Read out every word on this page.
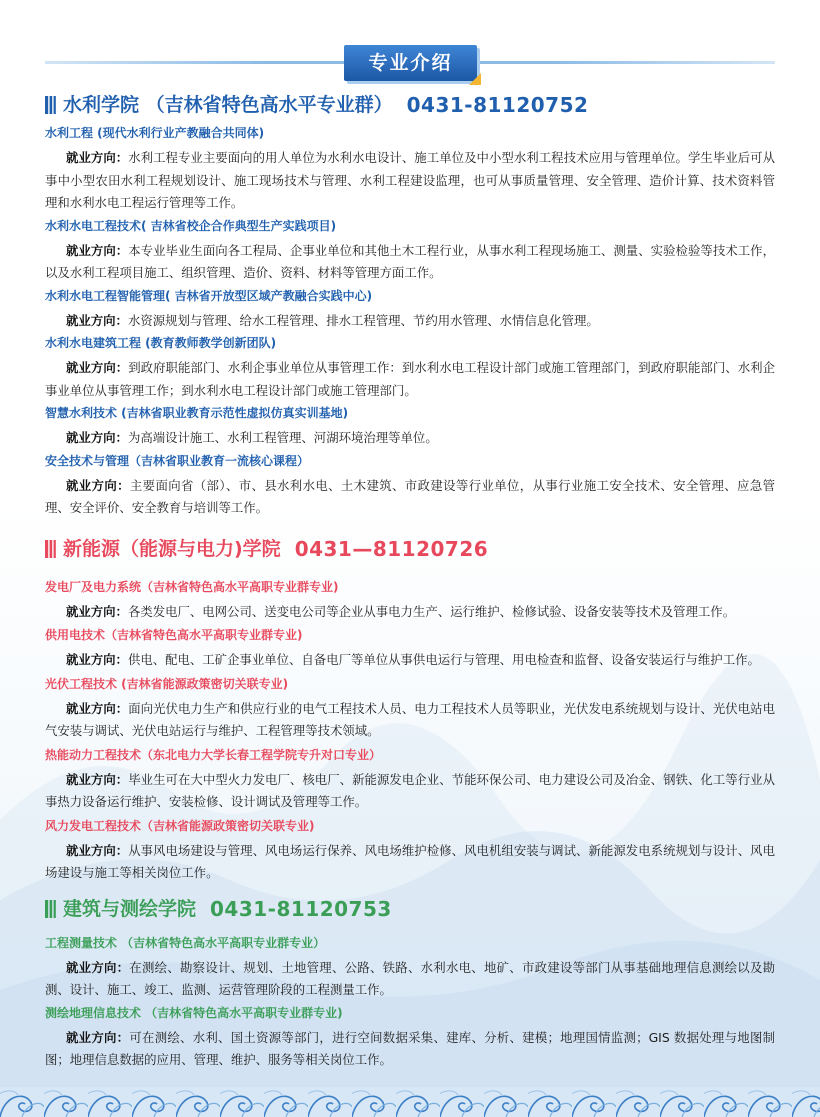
专业介绍
水利学院 （吉林省特色高水平专业群） 0431-81120752
水利工程 (现代水利行业产教融合共同体)

就业方向：水利工程专业主要面向的用人单位为水利水电设计、施工单位及中小型水利工程技术应用与管理单位。学生毕业后可从事中小型农田水利工程规划设计、施工现场技术与管理、水利工程建设监理，也可从事质量管理、安全管理、造价计算、技术资料管理和水利水电工程运行管理等工作。

水利水电工程技术( 吉林省校企合作典型生产实践项目)

就业方向：本专业毕业生面向各工程局、企事业单位和其他土木工程行业，从事水利工程现场施工、测量、实验检验等技术工作，以及水利工程项目施工、组织管理、造价、资料、材料等管理方面工作。

水利水电工程智能管理( 吉林省开放型区域产教融合实践中心)

就业方向：水资源规划与管理、给水工程管理、排水工程管理、节约用水管理、水情信息化管理。

水利水电建筑工程 (教育教师教学创新团队)

就业方向：到政府职能部门、水利企事业单位从事管理工作：到水利水电工程设计部门或施工管理部门，到政府职能部门、水利企事业单位从事管理工作；到水利水电工程设计部门或施工管理部门。

智慧水利技术 (吉林省职业教育示范性虚拟仿真实训基地)

就业方向：为高端设计施工、水利工程管理、河湖环境治理等单位。

安全技术与管理（吉林省职业教育一流核心课程）

就业方向：主要面向省（部）、市、县水利水电、土木建筑、市政建设等行业单位，从事行业施工安全技术、安全管理、应急管理、安全评价、安全教育与培训等工作。

新能源（能源与电力)学院 0431—81120726
发电厂及电力系统（吉林省特色高水平高职专业群专业)

就业方向：各类发电厂、电网公司、送变电公司等企业从事电力生产、运行维护、检修试验、设备安装等技术及管理工作。

供用电技术（吉林省特色高水平高职专业群专业)

就业方向：供电、配电、工矿企事业单位、自备电厂等单位从事供电运行与管理、用电检查和监督、设备安装运行与维护工作。

光伏工程技术 (吉林省能源政策密切关联专业)

就业方向：面向光伏电力生产和供应行业的电气工程技术人员、电力工程技术人员等职业，光伏发电系统规划与设计、光伏电站电气安装与调试、光伏电站运行与维护、工程管理等技术领域。

热能动力工程技术（东北电力大学长春工程学院专升对口专业）

就业方向：毕业生可在大中型火力发电厂、核电厂、新能源发电企业、节能环保公司、电力建设公司及冶金、钢铁、化工等行业从事热力设备运行维护、安装检修、设计调试及管理等工作。

风力发电工程技术（吉林省能源政策密切关联专业)

就业方向：从事风电场建设与管理、风电场运行保养、风电场维护检修、风电机组安装与调试、新能源发电系统规划与设计、风电场建设与施工等相关岗位工作。

建筑与测绘学院 0431-81120753
工程测量技术 （吉林省特色高水平高职专业群专业）

就业方向：在测绘、勘察设计、规划、土地管理、公路、铁路、水利水电、地矿、市政建设等部门从事基础地理信息测绘以及勘测、设计、施工、竣工、监测、运营管理阶段的工程测量工作。

测绘地理信息技术 （吉林省特色高水平高职专业群专业)

就业方向：可在测绘、水利、国土资源等部门，进行空间数据采集、建库、分析、建模；地理国情监测；GIS 数据处理与地图制图；地理信息数据的应用、管理、维护、服务等相关岗位工作。
